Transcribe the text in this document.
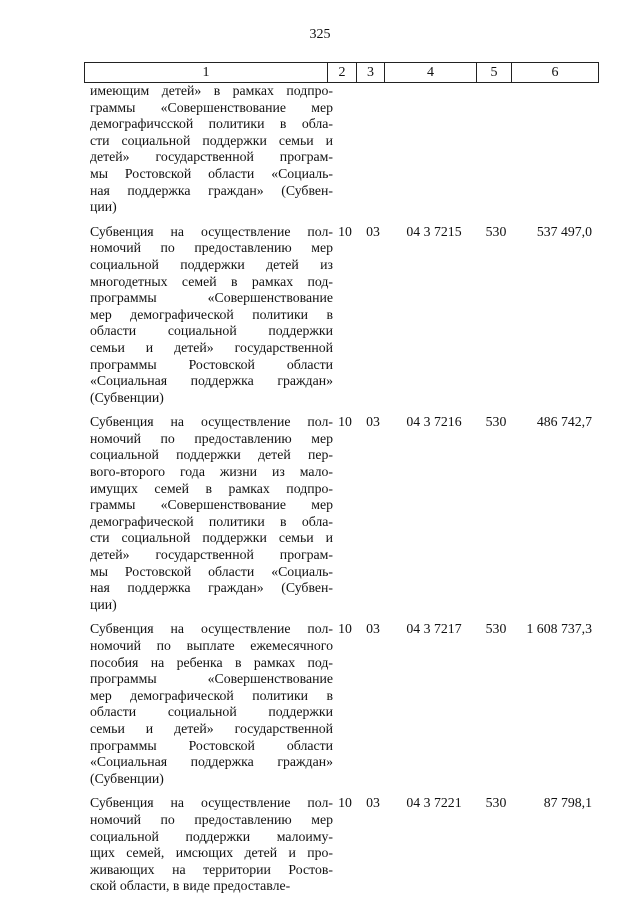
325
1	2	3	4	5	6
имеющим детей» в рамках подпро-
граммы «Совершенствование мер
демографичсской политики в обла-
сти социальной поддержки семьи и
детей» государственной програм-
мы Ростовской области «Социаль-
ная поддержка граждан» (Субвен-
ции)
Субвенция на осуществление пол-
номочий по предоставлению мер
социальной поддержки детей из
многодетных семей в рамках под-
программы «Совершенствование
мер демографической политики в
области социальной поддержки
семьи и детей» государственной
программы Ростовской области
«Социальная поддержка граждан»
(Субвенции)
10	03	04 3 7215	530	537 497,0
Субвенция на осуществление пол-
номочий по предоставлению мер
социальной поддержки детей пер-
вого-второго года жизни из мало-
имущих семей в рамках подпро-
граммы «Совершенствование мер
демографической политики в обла-
сти социальной поддержки семьи и
детей» государственной програм-
мы Ростовской области «Социаль-
ная поддержка граждан» (Субвен-
ции)
10	03	04 3 7216	530	486 742,7
Субвенция на осуществление пол-
номочий по выплате ежемесячного
пособия на ребенка в рамках под-
программы «Совершенствование
мер демографической политики в
области социальной поддержки
семьи и детей» государственной
программы Ростовской области
«Социальная поддержка граждан»
(Субвенции)
10	03	04 3 7217	530	1 608 737,3
Субвенция на осуществление пол-
номочий по предоставлению мер
социальной поддержки малоиму-
щих семей, имсющих детей и про-
живающих на территории Ростов-
ской области, в виде предоставле-
10	03	04 3 7221	530	87 798,1
